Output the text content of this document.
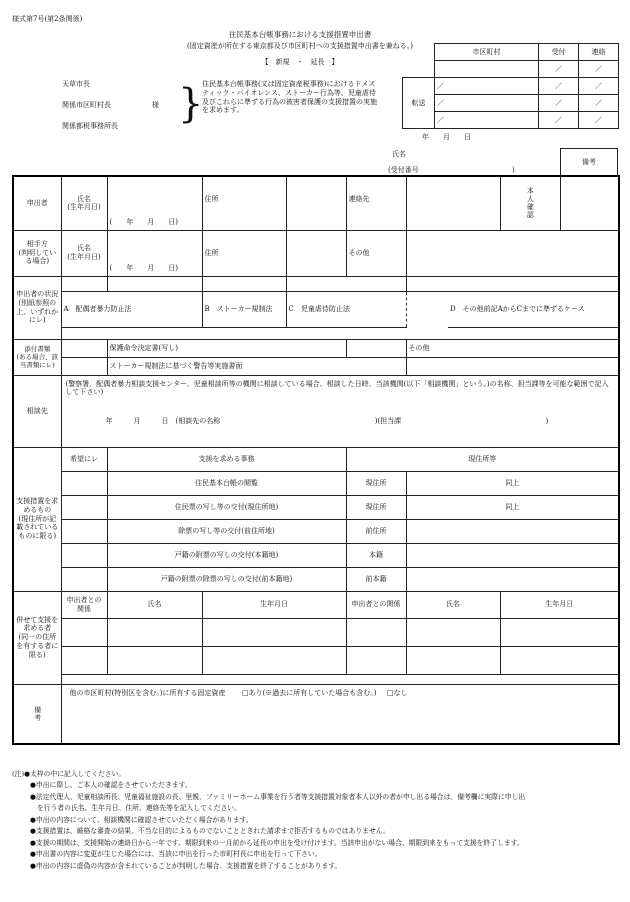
様式第7号(第2条関係)
住民基本台帳事務における支援措置申出書
(固定資産が所在する東京都及び市区町村への支援措置申出書を兼ねる。)
【　新規　・　延長　】
天草市長
関係市区町村長	様
関係都税事務所長 }
住民基本台帳事務(又は固定資産税事務)におけるドメスティック・バイオレンス、ストーカー行為等、児童虐待及びこれらに準ずる行為の被害者保護の支援措置の実施を求めます。
	市区町村	受付	連絡
		／	／
転送	／	／	／
	／	／	／
	／	／	／
年　　月　　日
氏名
(受付番号	)
備考
申出者	氏名
(生年月日)	(　　年　　月　　日)	住所		連絡先			本人確認	

相手方
(判明している場合)	氏名
(生年月日)	(　　年　　月　　日)	住所		その他				
申出者の状況
(別紙参照の上、いずれかにレ)									
	A　配偶者暴力防止法		B　ストーカー規制法	C　児童虐待防止法			D　その他前記AからCまでに準ずるケース		

添付書類
(ある場合、該当書類にレ)		保護命令決定書(写し)				その他			
		ストーカー規制法に基づく警告等実施書面							
相談先	(警察署、配偶者暴力相談支援センター、児童相談所等の機関に相談している場合、相談した日時、当該機関(以下「相談機関」という。)の名称、担当課等を可能な範囲で記入して下さい)
年　　　月　　　日　(相談先の名称 )(担当課 )								

支援措置を求めるもの
(現住所が記載されているものに限る)	希望にレ	支援を求める事務			現住所等				
		住民基本台帳の閲覧			現住所	同上			
		住民票の写し等の交付(現住所地)			現住所	同上			
		除票の写し等の交付(前住所地)			前住所				
		戸籍の附票の写しの交付(本籍地)			本籍				
		戸籍の附票の除票の写しの交付(前本籍地)			前本籍				
併せて支援を求める者
(同一の住所を有する者に限る)	申出者との関係	氏名	生年月日		申出者との関係	氏名		生年月日	

備考	他の市区町村(特別区を含む。)に所有する固定資産 □あり(※過去に所有していた場合も含む。) □なし								
(注)●太枠の中に記入してください。
●申出に際し、ご本人の確認をさせていただきます。
●法定代理人、児童相談所長、児童福祉施設の長、里親、ファミリーホーム事業を行う者等支援措置対象者本人以外の者が申し出る場合は、備考欄に実際に申し出
を行う者の氏名、生年月日、住所、連絡先等を記入してください。
●申出の内容について、相談機関に確認させていただく場合があります。
●支援措置は、厳格な審査の結果、不当な目的によるものでないことときれた請求まで拒否するものではありません。
●支援の期間は、支援開始の連絡日から一年です。期限到来の一月前から延長の申出を受け付けます。当該申出がない場合、期限到来をもって支援を終了します。
●申出書の内容に変更が生じた場合には、当該に申出を行った市町村長に申出を行って下さい。
●申出の内容に虚偽の内容が含まれていることが判明した場合、支援措置を終了することがあります。
